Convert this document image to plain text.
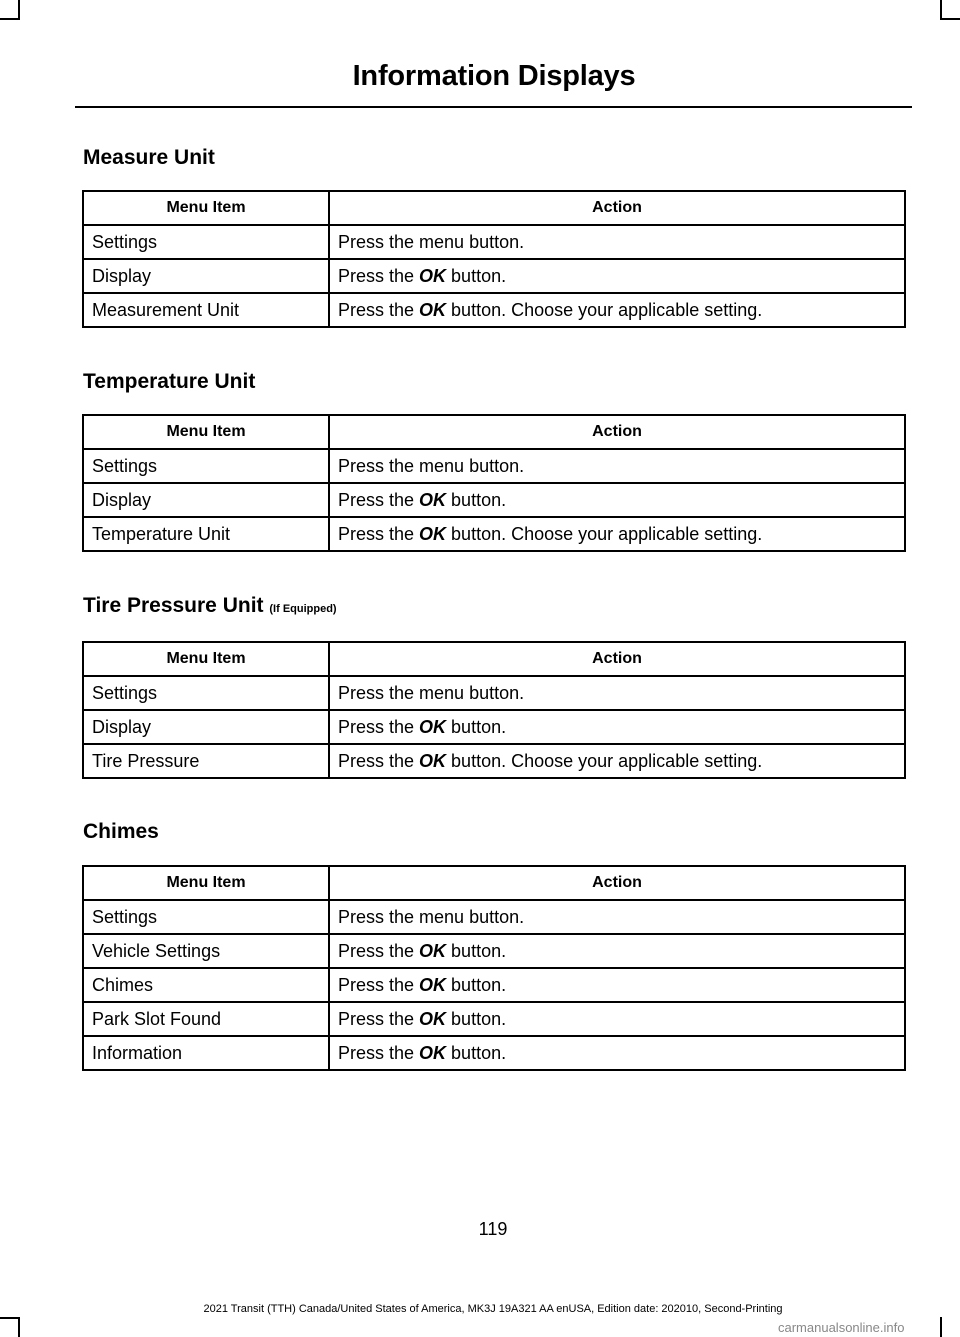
Information Displays
Measure Unit
Menu Item	Action
Settings	Press the menu button.
Display	Press the OK button.
Measurement Unit	Press the OK button. Choose your applicable setting.
Temperature Unit
Menu Item	Action
Settings	Press the menu button.
Display	Press the OK button.
Temperature Unit	Press the OK button. Choose your applicable setting.
Tire Pressure Unit (If Equipped)
Menu Item	Action
Settings	Press the menu button.
Display	Press the OK button.
Tire Pressure	Press the OK button. Choose your applicable setting.
Chimes
Menu Item	Action
Settings	Press the menu button.
Vehicle Settings	Press the OK button.
Chimes	Press the OK button.
Park Slot Found	Press the OK button.
Information	Press the OK button.
119
2021 Transit (TTH) Canada/United States of America, MK3J 19A321 AA enUSA, Edition date: 202010, Second-Printing
carmanualsonline.info
